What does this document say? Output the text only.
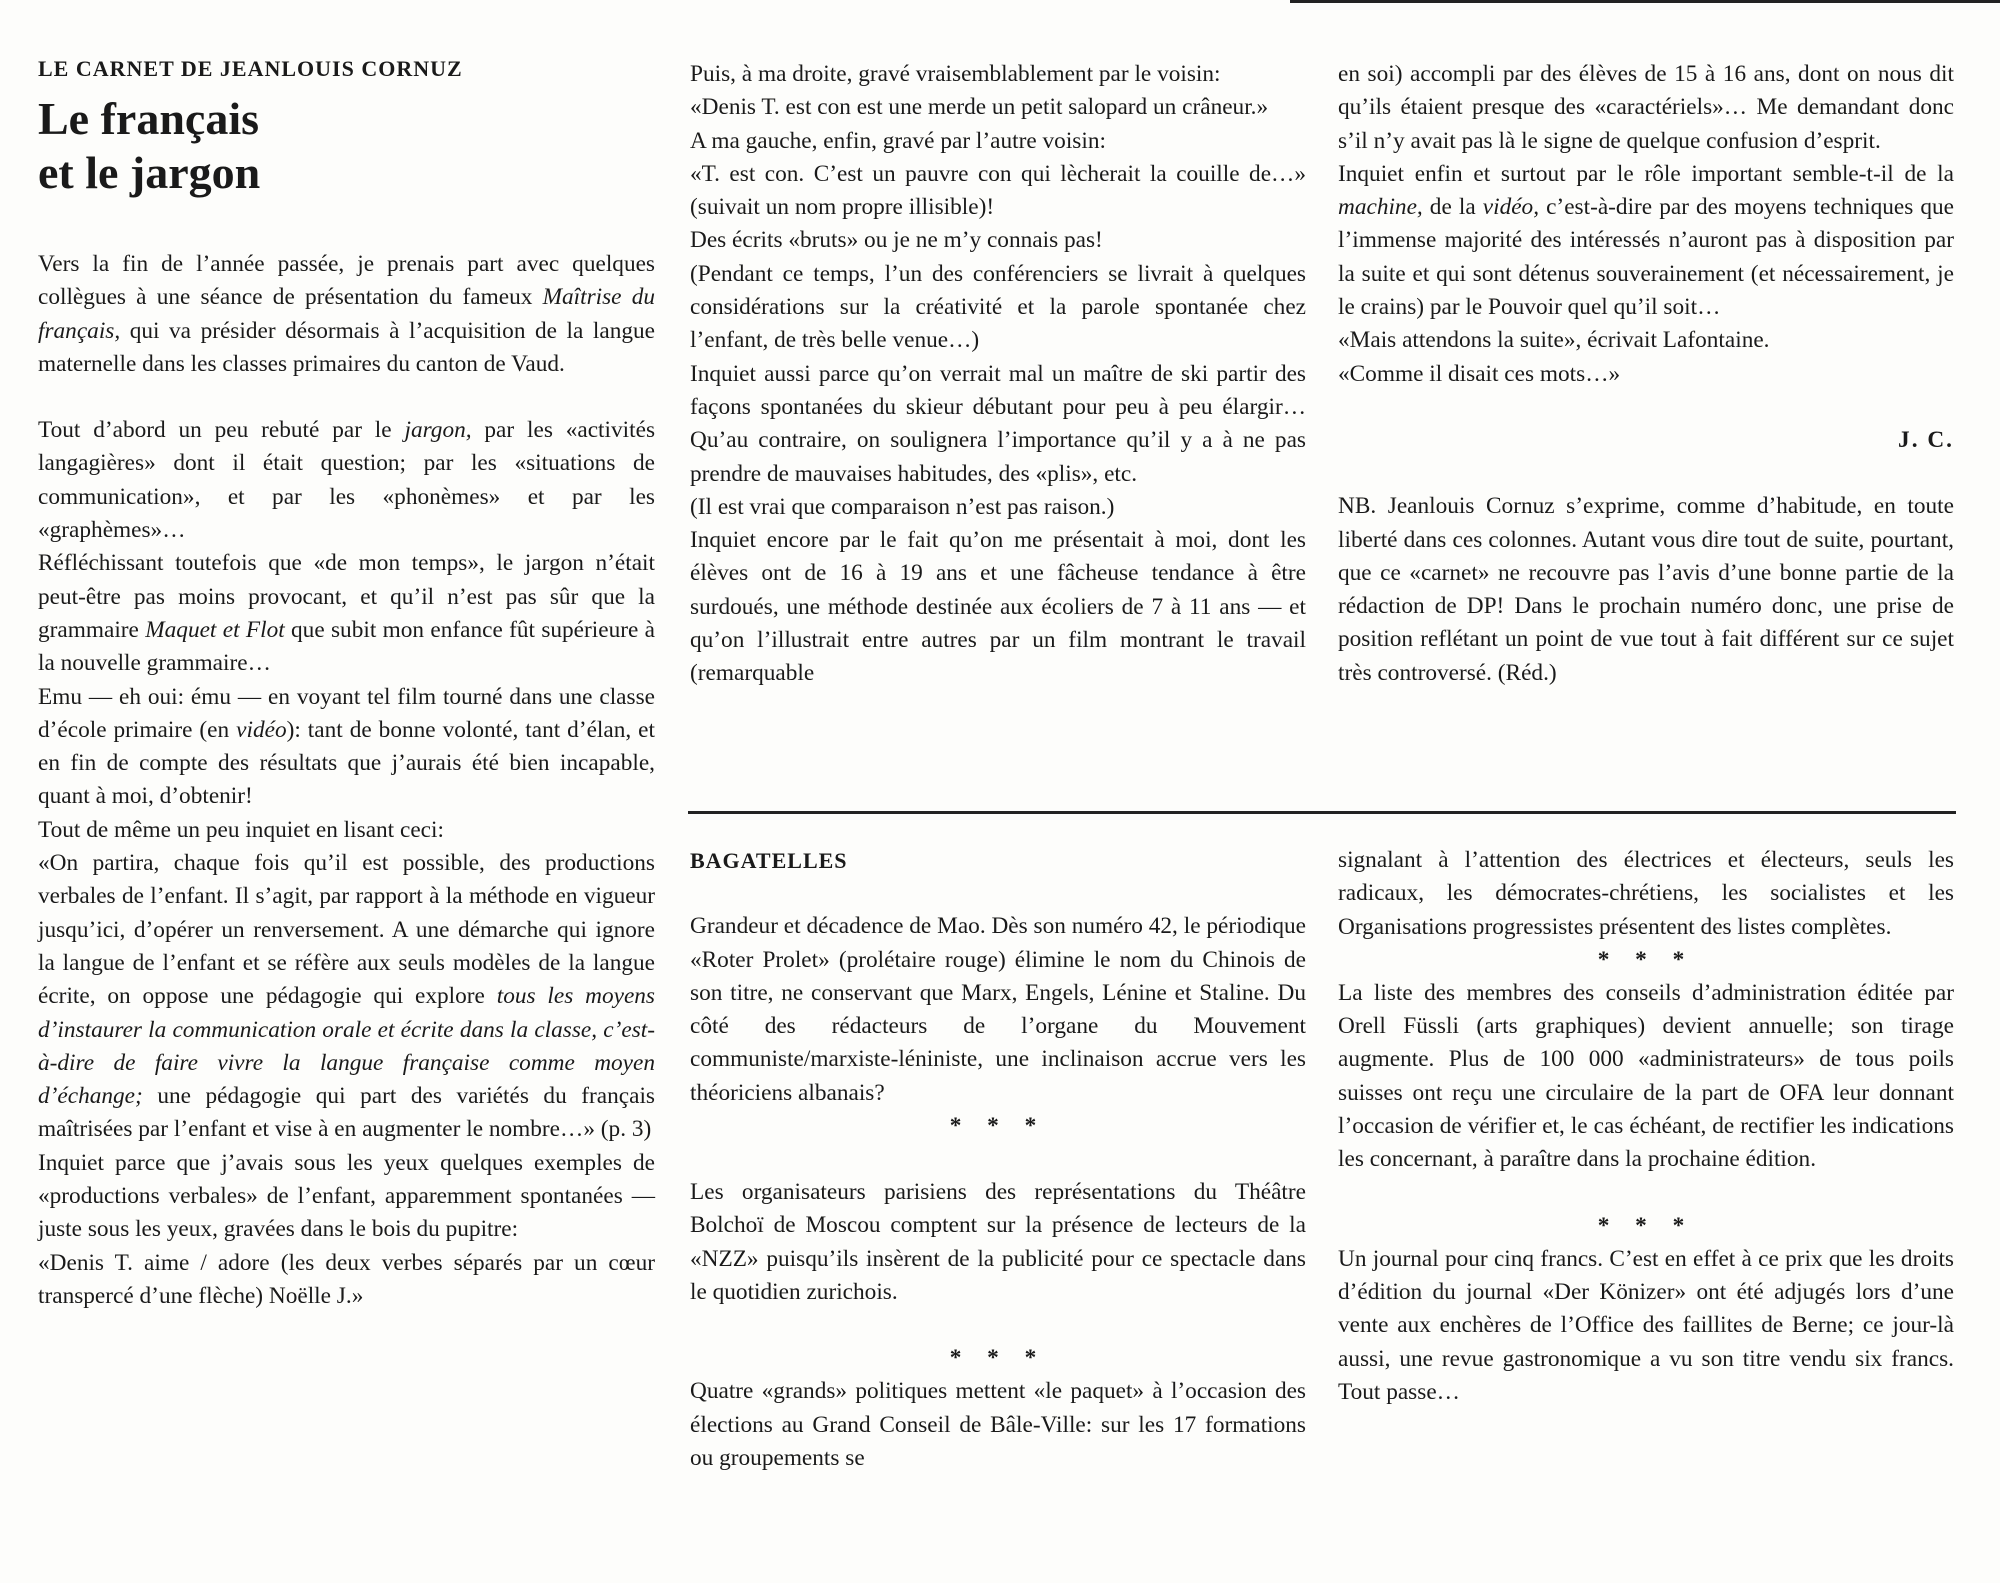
LE CARNET DE JEANLOUIS CORNUZ

Le français
et le jargon

Vers la fin de l’année passée, je prenais part avec quelques collègues à une séance de présentation du fameux Maîtrise du français, qui va présider désormais à l’acquisition de la langue maternelle dans les classes primaires du canton de Vaud.

Tout d’abord un peu rebuté par le jargon, par les «activités langagières» dont il était question; par les «situations de communication», et par les «phonèmes» et par les «graphèmes»…

Réfléchissant toutefois que «de mon temps», le jargon n’était peut-être pas moins provocant, et qu’il n’est pas sûr que la grammaire Maquet et Flot que subit mon enfance fût supérieure à la nouvelle grammaire…

Emu — eh oui: ému — en voyant tel film tourné dans une classe d’école primaire (en vidéo): tant de bonne volonté, tant d’élan, et en fin de compte des résultats que j’aurais été bien incapable, quant à moi, d’obtenir!

Tout de même un peu inquiet en lisant ceci:

«On partira, chaque fois qu’il est possible, des productions verbales de l’enfant. Il s’agit, par rapport à la méthode en vigueur jusqu’ici, d’opérer un renversement. A une démarche qui ignore la langue de l’enfant et se réfère aux seuls modèles de la langue écrite, on oppose une pédagogie qui explore tous les moyens d’instaurer la communication orale et écrite dans la classe, c’est-à-dire de faire vivre la langue française comme moyen d’échange; une pédagogie qui part des variétés du français maîtrisées par l’enfant et vise à en augmenter le nombre…» (p. 3)

Inquiet parce que j’avais sous les yeux quelques exemples de «productions verbales» de l’enfant, apparemment spontanées — juste sous les yeux, gravées dans le bois du pupitre:

«Denis T. aime / adore (les deux verbes séparés par un cœur transpercé d’une flèche) Noëlle J.»

Puis, à ma droite, gravé vraisemblablement par le voisin:

«Denis T. est con est une merde un petit salopard un crâneur.»

A ma gauche, enfin, gravé par l’autre voisin:

«T. est con. C’est un pauvre con qui lècherait la couille de…» (suivait un nom propre illisible)!

Des écrits «bruts» ou je ne m’y connais pas!

(Pendant ce temps, l’un des conférenciers se livrait à quelques considérations sur la créativité et la parole spontanée chez l’enfant, de très belle venue…)

Inquiet aussi parce qu’on verrait mal un maître de ski partir des façons spontanées du skieur débutant pour peu à peu élargir… Qu’au contraire, on soulignera l’importance qu’il y a à ne pas prendre de mauvaises habitudes, des «plis», etc.

(Il est vrai que comparaison n’est pas raison.)

Inquiet encore par le fait qu’on me présentait à moi, dont les élèves ont de 16 à 19 ans et une fâcheuse tendance à être surdoués, une méthode destinée aux écoliers de 7 à 11 ans — et qu’on l’illustrait entre autres par un film montrant le travail (remarquable

en soi) accompli par des élèves de 15 à 16 ans, dont on nous dit qu’ils étaient presque des «caractériels»… Me demandant donc s’il n’y avait pas là le signe de quelque confusion d’esprit.

Inquiet enfin et surtout par le rôle important semble-t-il de la machine, de la vidéo, c’est-à-dire par des moyens techniques que l’immense majorité des intéressés n’auront pas à disposition par la suite et qui sont détenus souverainement (et nécessairement, je le crains) par le Pouvoir quel qu’il soit…

«Mais attendons la suite», écrivait Lafontaine.

«Comme il disait ces mots…»

J. C.

NB. Jeanlouis Cornuz s’exprime, comme d’habitude, en toute liberté dans ces colonnes. Autant vous dire tout de suite, pourtant, que ce «carnet» ne recouvre pas l’avis d’une bonne partie de la rédaction de DP! Dans le prochain numéro donc, une prise de position reflétant un point de vue tout à fait différent sur ce sujet très controversé. (Réd.)

BAGATELLES

Grandeur et décadence de Mao. Dès son numéro 42, le périodique «Roter Prolet» (prolétaire rouge) élimine le nom du Chinois de son titre, ne conservant que Marx, Engels, Lénine et Staline. Du côté des rédacteurs de l’organe du Mouvement communiste/marxiste-léniniste, une inclinaison accrue vers les théoriciens albanais?

* * *

Les organisateurs parisiens des représentations du Théâtre Bolchoï de Moscou comptent sur la présence de lecteurs de la «NZZ» puisqu’ils insèrent de la publicité pour ce spectacle dans le quotidien zurichois.

* * *

Quatre «grands» politiques mettent «le paquet» à l’occasion des élections au Grand Conseil de Bâle-Ville: sur les 17 formations ou groupements se

signalant à l’attention des électrices et électeurs, seuls les radicaux, les démocrates-chrétiens, les socialistes et les Organisations progressistes présentent des listes complètes.

* * *

La liste des membres des conseils d’administration éditée par Orell Füssli (arts graphiques) devient annuelle; son tirage augmente. Plus de 100 000 «administrateurs» de tous poils suisses ont reçu une circulaire de la part de OFA leur donnant l’occasion de vérifier et, le cas échéant, de rectifier les indications les concernant, à paraître dans la prochaine édition.

* * *

Un journal pour cinq francs. C’est en effet à ce prix que les droits d’édition du journal «Der Könizer» ont été adjugés lors d’une vente aux enchères de l’Office des faillites de Berne; ce jour-là aussi, une revue gastronomique a vu son titre vendu six francs. Tout passe…
